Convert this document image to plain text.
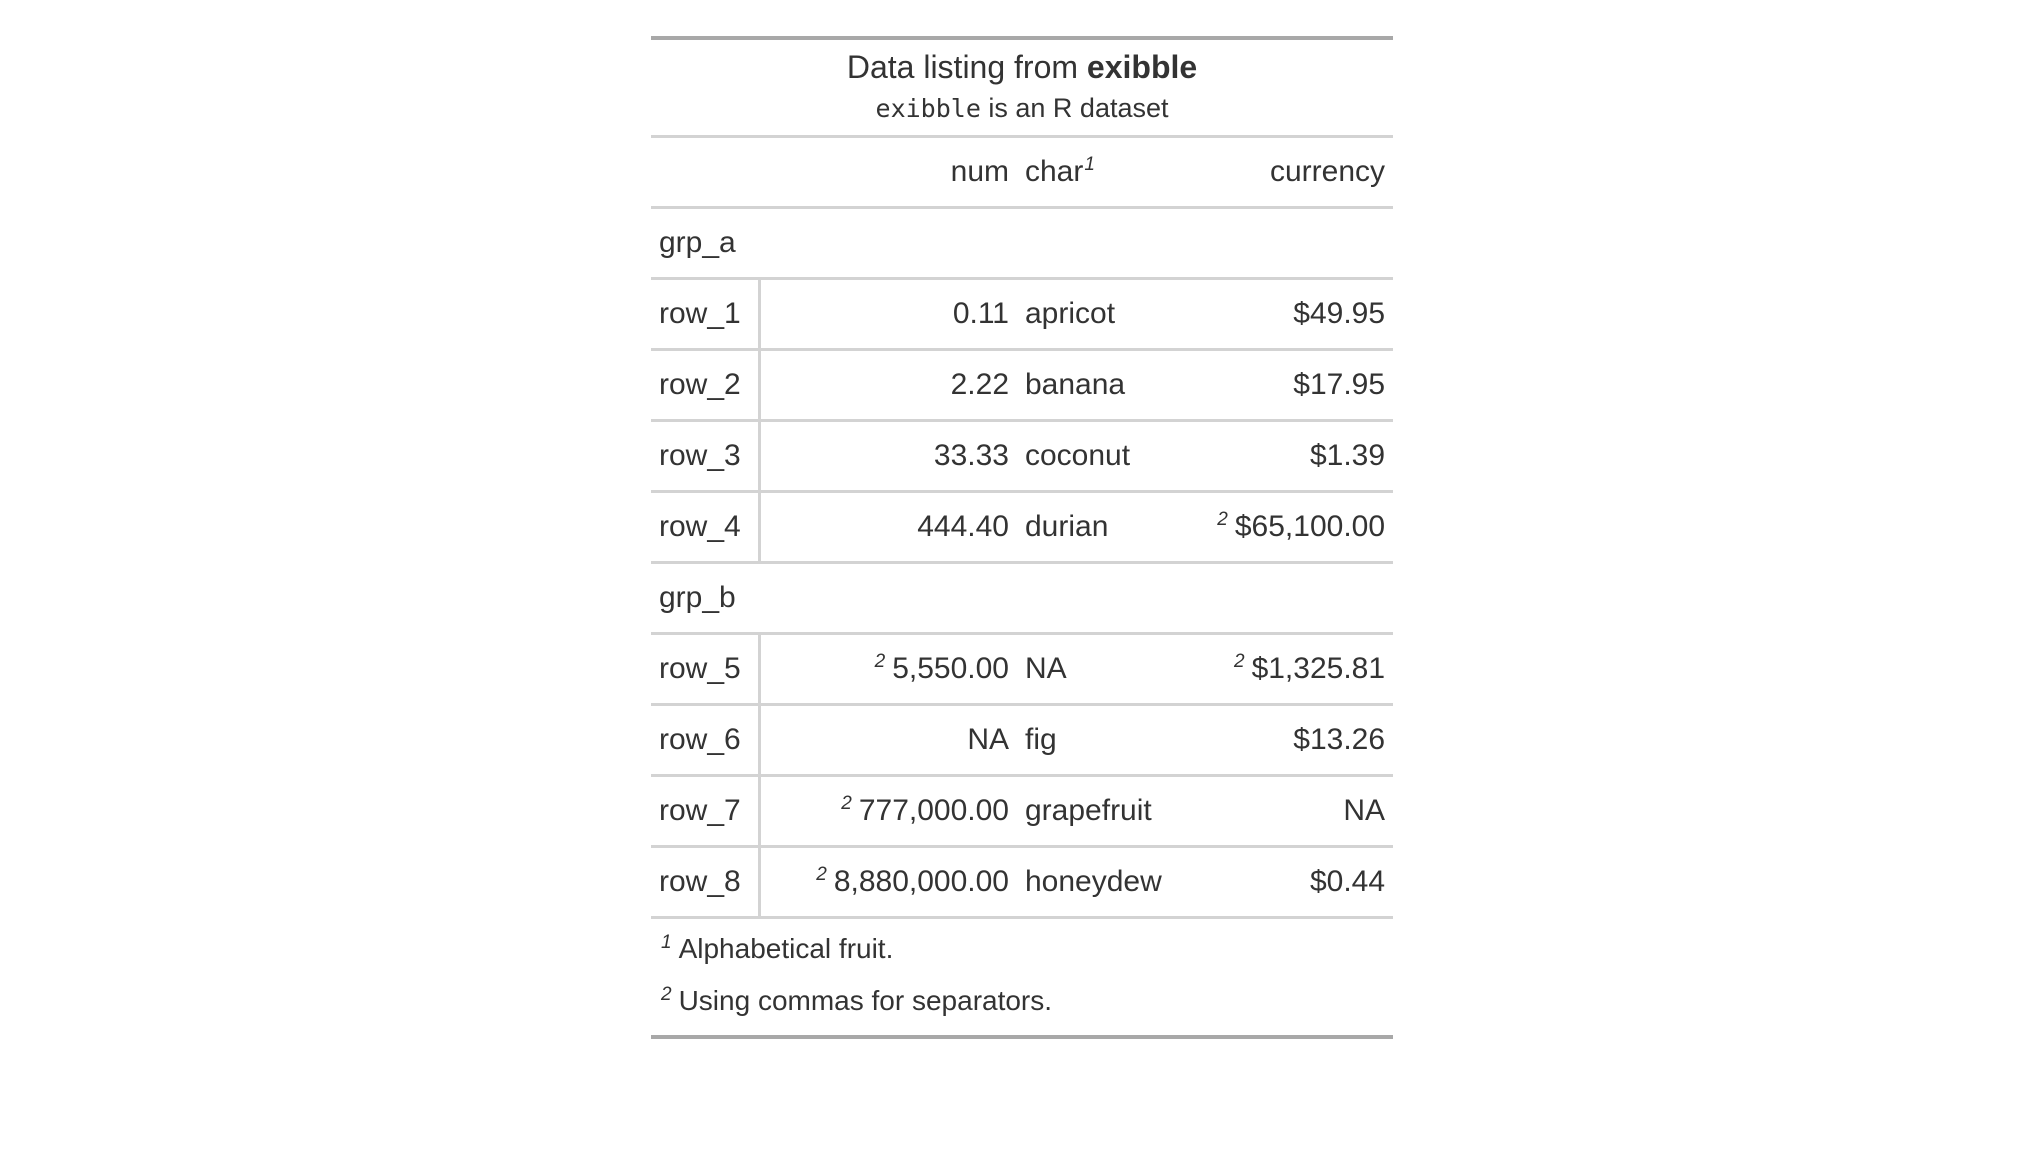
Data listing from exibble
exibble is an R dataset			

	num	char$^1$	currency
grp_a			
row_1	0.11	apricot	$49.95
row_2	2.22	banana	$17.95
row_3	33.33	coconut	$1.39
row_4	444.40	durian	$^2$ $65,100.00
grp_b			
row_5	$^2$ 5,550.00	NA	$^2$ $1,325.81
row_6	NA	fig	$13.26
row_7	$^2$ 777,000.00	grapefruit	NA
row_8	$^2$ 8,880,000.00	honeydew	$0.44

$^1$ Alphabetical fruit.
$^2$ Using commas for separators.			
